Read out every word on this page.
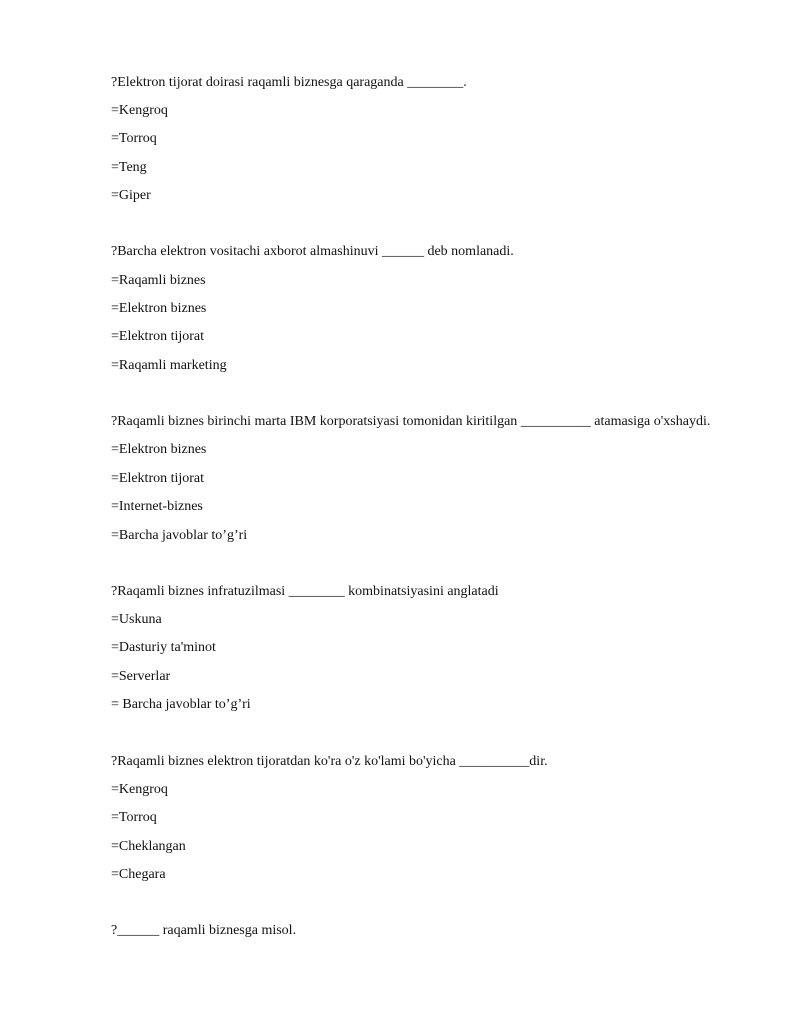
?Elektron tijorat doirasi raqamli biznesga qaraganda ________.
=Kengroq
=Torroq
=Teng
=Giper
?Barcha elektron vositachi axborot almashinuvi ______ deb nomlanadi.
=Raqamli biznes
=Elektron biznes
=Elektron tijorat
=Raqamli marketing
?Raqamli biznes birinchi marta IBM korporatsiyasi tomonidan kiritilgan __________ atamasiga o'xshaydi.
=Elektron biznes
=Elektron tijorat
=Internet-biznes
=Barcha javoblar to’g’ri
?Raqamli biznes infratuzilmasi ________ kombinatsiyasini anglatadi
=Uskuna
=Dasturiy ta'minot
=Serverlar
= Barcha javoblar to’g’ri
?Raqamli biznes elektron tijoratdan ko'ra o'z ko'lami bo'yicha __________dir.
=Kengroq
=Torroq
=Cheklangan
=Chegara
?______ raqamli biznesga misol.
